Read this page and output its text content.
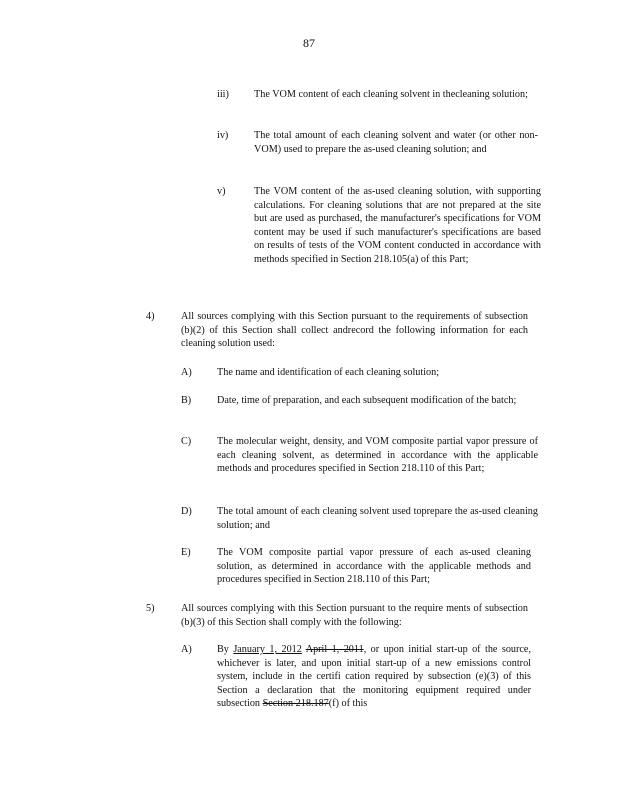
87
iii) The VOM content of each cleaning solvent in thecleaning solution;
iv)	The total amount of each cleaning solvent and water (or other non-VOM) used to prepare the as-used cleaning solution; and
v)	The VOM content of the as-used cleaning solution, with supporting calculations. For cleaning solutions that are not prepared at the site but are used as purchased, the manufacturer's specifications for VOM content may be used if such manufacturer's specifications are based on results of tests of the VOM content conducted in accordance with methods specified in Section 218.105(a) of this Part;
4)	All sources complying with this Section pursuant to the requirements of subsection (b)(2) of this Section shall collect andrecord the following information for each cleaning solution used:
A) The name and identification of each cleaning solution;
B)	Date, time of preparation, and each subsequent modification of the batch;
C)	The molecular weight, density, and VOM composite partial vapor pressure of each cleaning solvent, as determined in accordance with the applicable methods and procedures specified in Section 218.110 of this Part;
D) The total amount of each cleaning solvent used toprepare the as-used cleaning solution; and
E)	The VOM composite partial vapor pressure of each as-used cleaning solution, as determined in accordance with the applicable methods and procedures specified in Section 218.110 of this Part;
5)	All sources complying with this Section pursuant to the require ments of subsection (b)(3) of this Section shall comply with the following:
A) By January 1, 2012 April 1, 2011, or upon initial start-up of the source, whichever is later, and upon initial start-up of a new emissions control system, include in the certifi cation required by subsection (e)(3) of this Section a declaration that the monitoring equipment required under subsection Section 218.187(f) of this
